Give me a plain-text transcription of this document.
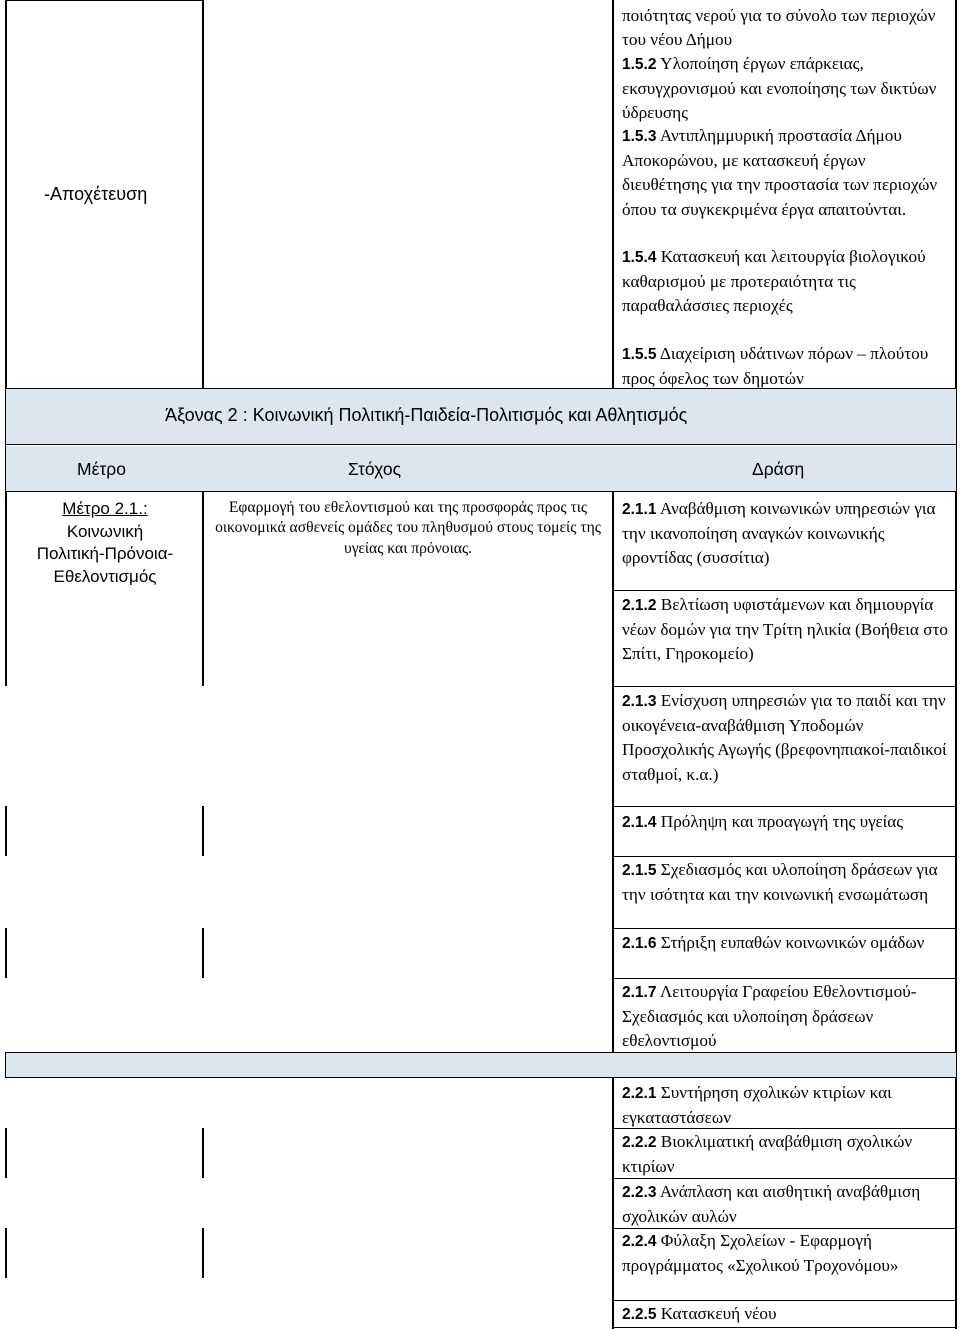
-Αποχέτευση
ποιότητας νερού για το σύνολο των περιοχών του νέου Δήμου
1.5.2 Υλοποίηση έργων επάρκειας, εκσυγχρονισμού και ενοποίησης των δικτύων ύδρευσης
1.5.3 Αντιπλημμυρική προστασία Δήμου Αποκορώνου, με κατασκευή έργων διευθέτησης για την προστασία των περιοχών όπου τα συγκεκριμένα έργα απαιτούνται.
1.5.4 Κατασκευή και λειτουργία βιολογικού καθαρισμού με προτεραιότητα τις παραθαλάσσιες περιοχές
1.5.5 Διαχείριση υδάτινων πόρων – πλούτου προς όφελος των δημοτών
Άξονας 2 : Κοινωνική Πολιτική-Παιδεία-Πολιτισμός και Αθλητισμός
Μέτρο	Στόχος	Δράση
Μέτρο 2.1.:
Κοινωνική
Πολιτική-Πρόνοια-
Εθελοντισμός
Εφαρμογή του εθελοντισμού και της προσφοράς προς τις οικονομικά ασθενείς ομάδες του πληθυσμού στους τομείς της υγείας και πρόνοιας.
2.1.1 Αναβάθμιση κοινωνικών υπηρεσιών για την ικανοποίηση αναγκών κοινωνικής φροντίδας (συσσίτια)
2.1.2 Βελτίωση υφιστάμενων και δημιουργία νέων δομών για την Τρίτη ηλικία (Βοήθεια στο Σπίτι, Γηροκομείο)
2.1.3 Ενίσχυση υπηρεσιών για το παιδί και την οικογένεια-αναβάθμιση Υποδομών Προσχολικής Αγωγής (βρεφονηπιακοί-παιδικοί σταθμοί, κ.α.)
2.1.4 Πρόληψη και προαγωγή της υγείας
2.1.5 Σχεδιασμός και υλοποίηση δράσεων για την ισότητα και την κοινωνική ενσωμάτωση
2.1.6 Στήριξη ευπαθών κοινωνικών ομάδων
2.1.7 Λειτουργία Γραφείου Εθελοντισμού-Σχεδιασμός και υλοποίηση δράσεων εθελοντισμού
2.2.1 Συντήρηση σχολικών κτιρίων και εγκαταστάσεων
2.2.2 Βιοκλιματική αναβάθμιση σχολικών κτιρίων
2.2.3 Ανάπλαση και αισθητική αναβάθμιση σχολικών αυλών
2.2.4 Φύλαξη Σχολείων - Εφαρμογή προγράμματος «Σχολικού Τροχονόμου»
2.2.5 Κατασκευή νέου
